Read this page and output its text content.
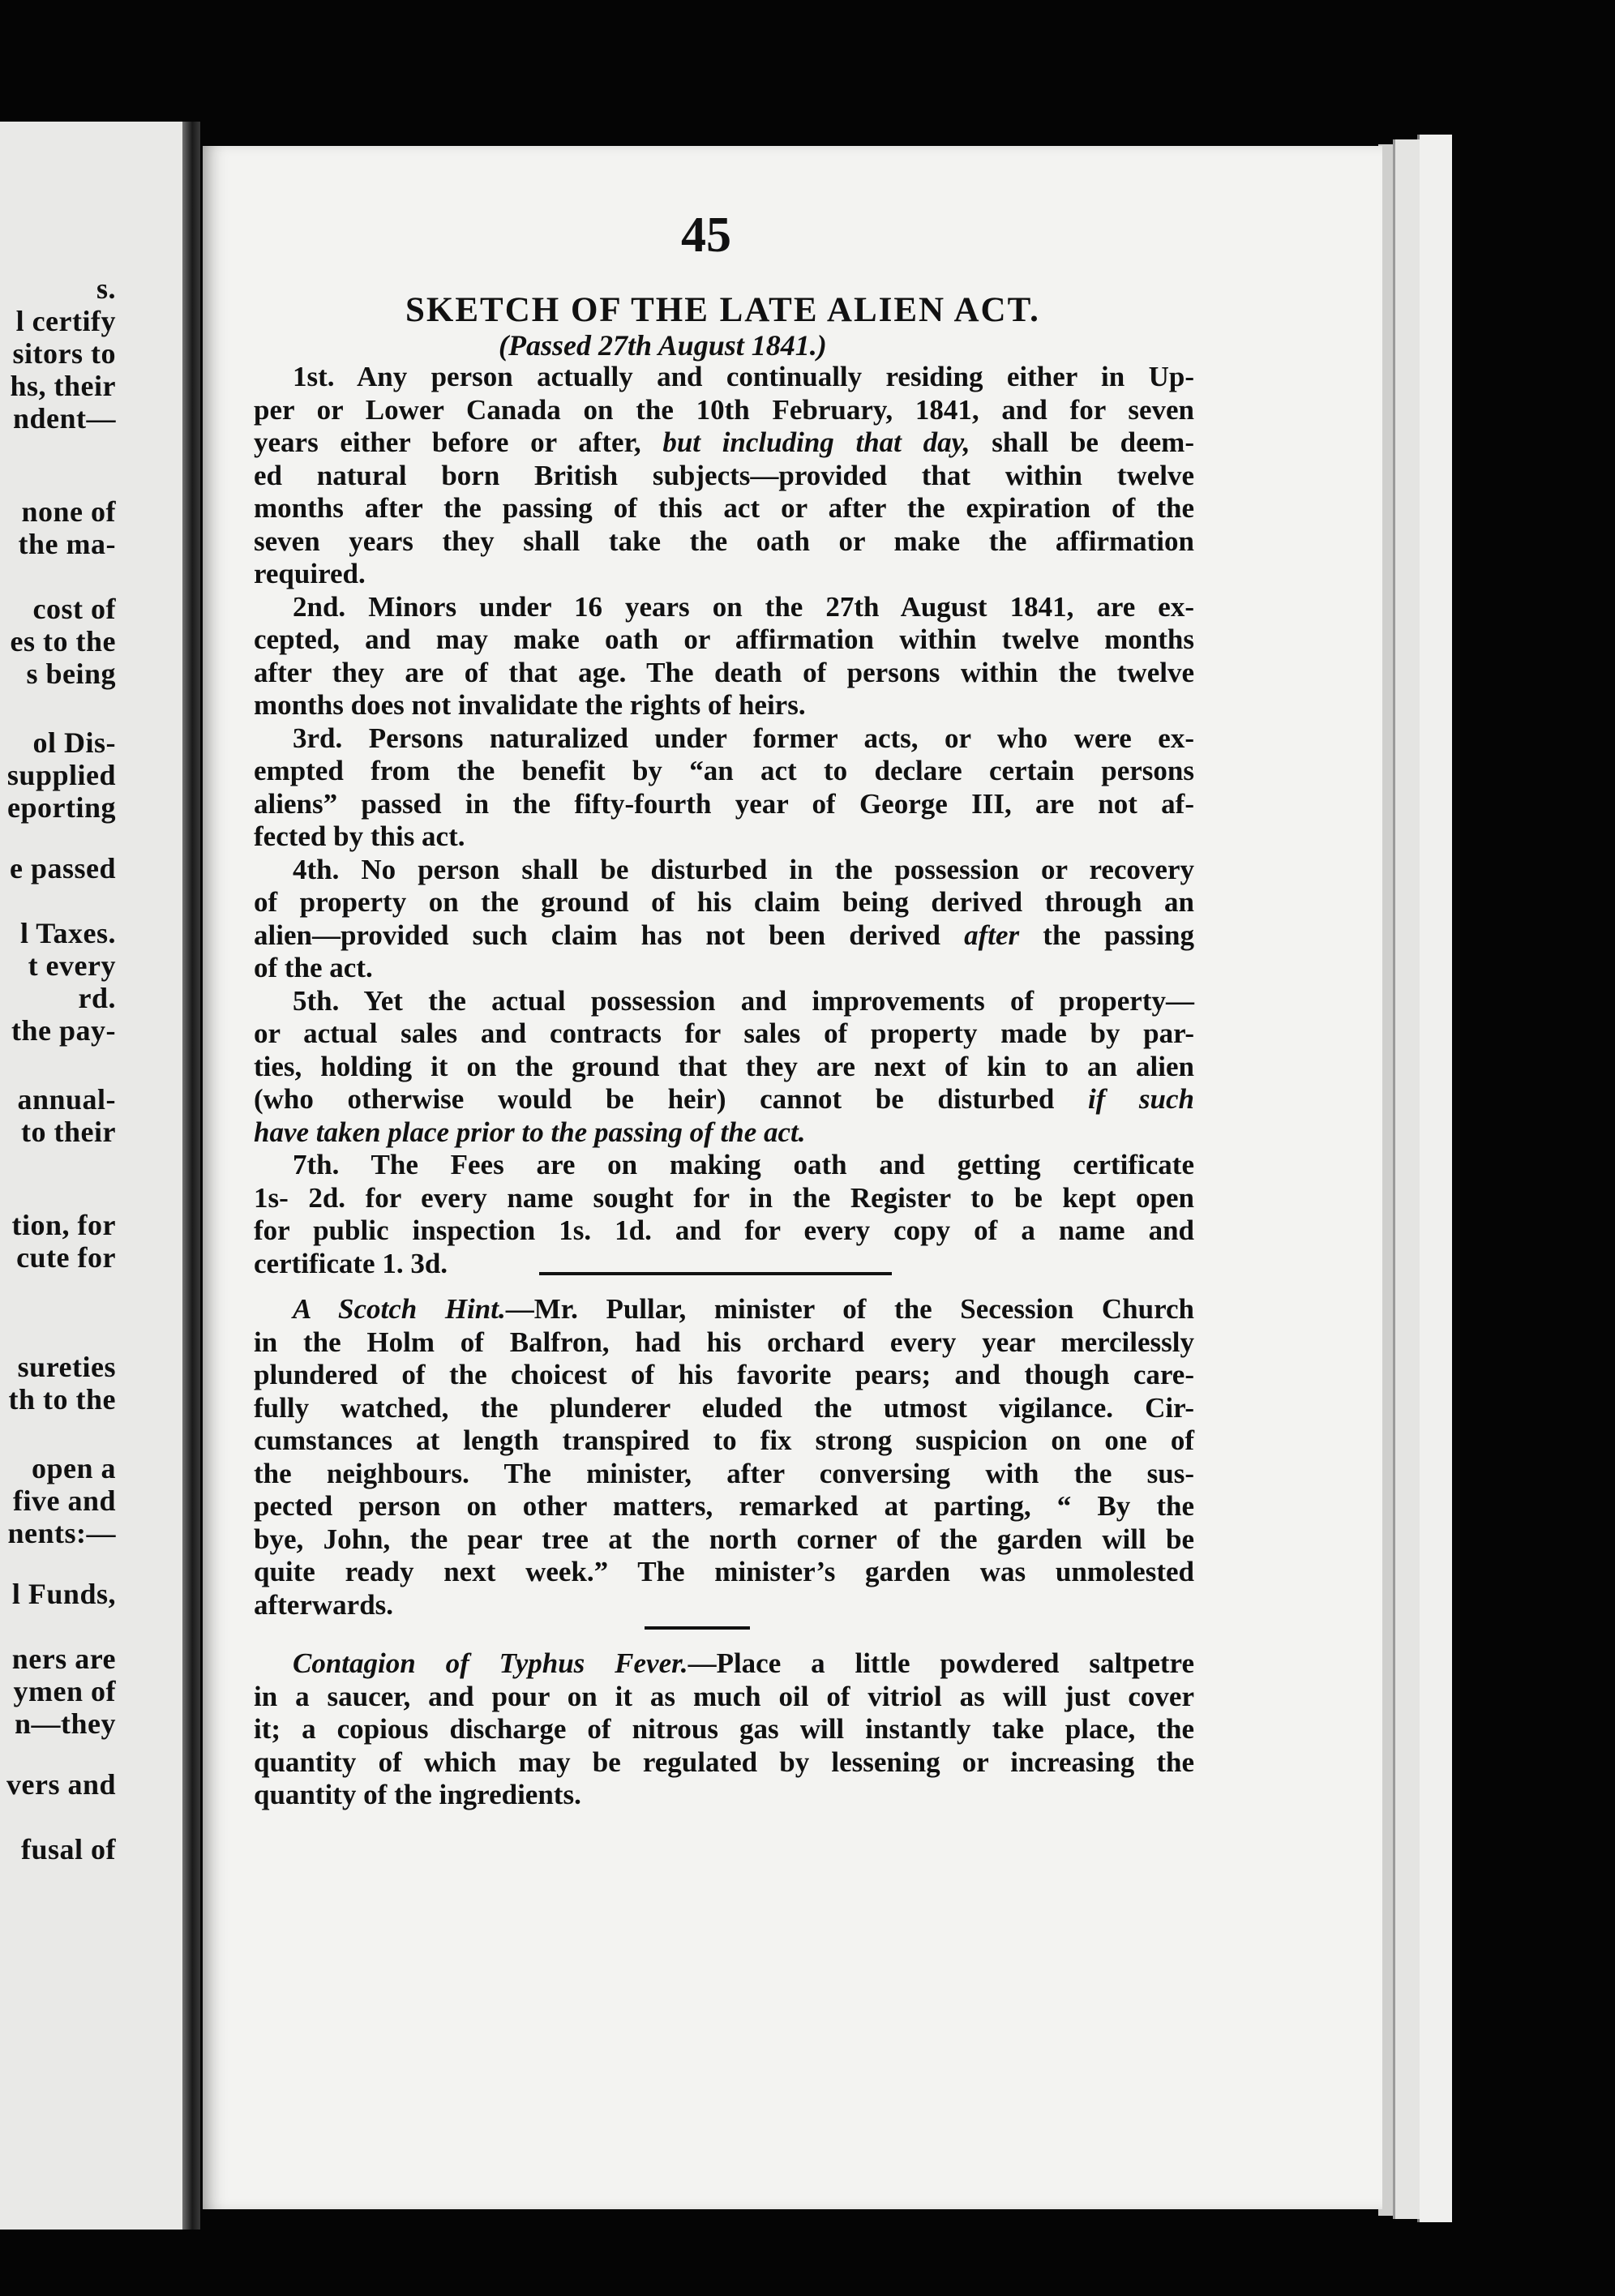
s.
l certify
sitors to
hs, their
ndent—
none of
the ma-
cost of
es to the
s being
ol Dis-
supplied
eporting
e passed
l Taxes.
t every
rd.
the pay-
annual-
to their
tion, for
cute for
sureties
th to the
open a
five and
nents:—
l Funds,
ners are
ymen of
n—they
vers and
fusal of
45
SKETCH OF THE LATE ALIEN ACT.
(Passed 27th August 1841.)
1st. Any person actually and continually residing either in Up-
per or Lower Canada on the 10th February, 1841, and for seven
years either before or after, but including that day, shall be deem-
ed natural born British subjects—provided that within twelve
months after the passing of this act or after the expiration of the
seven years they shall take the oath or make the affirmation
required.
2nd. Minors under 16 years on the 27th August 1841, are ex-
cepted, and may make oath or affirmation within twelve months
after they are of that age. The death of persons within the twelve
months does not invalidate the rights of heirs.
3rd. Persons naturalized under former acts, or who were ex-
empted from the benefit by “an act to declare certain persons
aliens” passed in the fifty-fourth year of George III, are not af-
fected by this act.
4th. No person shall be disturbed in the possession or recovery
of property on the ground of his claim being derived through an
alien—provided such claim has not been derived after the passing
of the act.
5th. Yet the actual possession and improvements of property—
or actual sales and contracts for sales of property made by par-
ties, holding it on the ground that they are next of kin to an alien
(who otherwise would be heir) cannot be disturbed if such
have taken place prior to the passing of the act.
7th. The Fees are on making oath and getting certificate
1s- 2d. for every name sought for in the Register to be kept open
for public inspection 1s. 1d. and for every copy of a name and
certificate 1. 3d.
A Scotch Hint.—Mr. Pullar, minister of the Secession Church
in the Holm of Balfron, had his orchard every year mercilessly
plundered of the choicest of his favorite pears; and though care-
fully watched, the plunderer eluded the utmost vigilance. Cir-
cumstances at length transpired to fix strong suspicion on one of
the neighbours. The minister, after conversing with the sus-
pected person on other matters, remarked at parting, “ By the
bye, John, the pear tree at the north corner of the garden will be
quite ready next week.” The minister’s garden was unmolested
afterwards.
Contagion of Typhus Fever.—Place a little powdered saltpetre
in a saucer, and pour on it as much oil of vitriol as will just cover
it; a copious discharge of nitrous gas will instantly take place, the
quantity of which may be regulated by lessening or increasing the
quantity of the ingredients.
